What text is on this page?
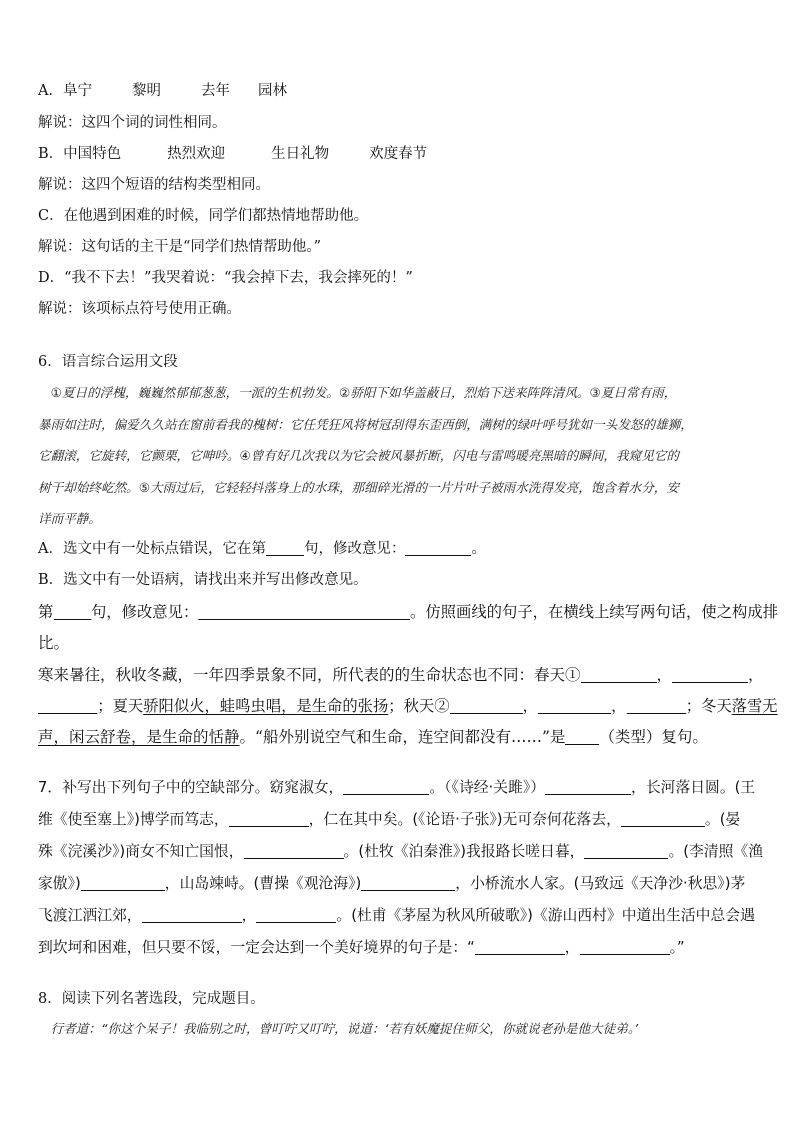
A．阜宁	黎明	去年 园林
解说：这四个词的词性相同。
B．中国特色	热烈欢迎	生日礼物	欢度春节
解说：这四个短语的结构类型相同。
C．在他遇到困难的时候，同学们都热情地帮助他。
解说：这句话的主干是“同学们热情帮助他。”
D．“我不下去！”我哭着说：“我会掉下去，我会摔死的！”
解说：该项标点符号使用正确。
6．语言综合运用文段
　①夏日的浮槐，巍巍然郁郁葱葱，一派的生机勃发。②骄阳下如华盖蔽日，烈焰下送来阵阵清风。③夏日常有雨，
暴雨如注时，偏爱久久站在窗前看我的槐树：它任凭狂风将树冠刮得东歪西倒，满树的绿叶呼号犹如一头发怒的雄狮，
它翻滚，它旋转，它颤栗，它呻吟。④曾有好几次我以为它会被风暴折断，闪电与雷鸣暖亮黑暗的瞬间，我窥见它的
树干却始终屹然。⑤大雨过后，它轻轻抖落身上的水珠，那细碎光滑的一片片叶子被雨水洗得发亮，饱含着水分，安
详而平静。
A．选文中有一处标点错误，它在第	句，修改意见：	。
B．选文中有一处语病，请找出来并写出修改意见。
第 句，修改意见：	。仿照画线的句子，在横线上续写两句话，使之构成排
比。
寒来暑往，秋收冬藏，一年四季景象不同，所代表的的生命状态也不同：春天①	，	，
；夏天骄阳似火，蛙鸣虫唱，是生命的张扬；秋天②	，	，	；冬天落雪无
声，闲云舒卷，是生命的恬静。“船外别说空气和生命，连空间都没有……”是 （类型）复句。
7．补写出下列句子中的空缺部分。窈窕淑女，	。（《诗经·关雎》）	，长河落日圆。(王
维《使至塞上》)博学而笃志，	，仁在其中矣。(《论语·子张》)无可奈何花落去，	。(晏
殊《浣溪沙》)商女不知亡国恨，	。(杜牧《泊秦淮》)我报路长嗟日暮，	。(李清照《渔
家傲》)	，山岛竦峙。(曹操《观沧海》)	，小桥流水人家。(马致远《天净沙·秋思》)茅
飞渡江洒江郊，	，	。(杜甫《茅屋为秋风所破歌》)《游山西村》中道出生活中总会遇
到坎坷和困难，但只要不馁，一定会达到一个美好境界的句子是：“	，	。”
8．阅读下列名著选段，完成题目。
　行者道：“你这个呆子！我临别之时，曾叮咛又叮咛，说道：‘若有妖魔捉住师父，你就说老孙是他大徒弟。’
